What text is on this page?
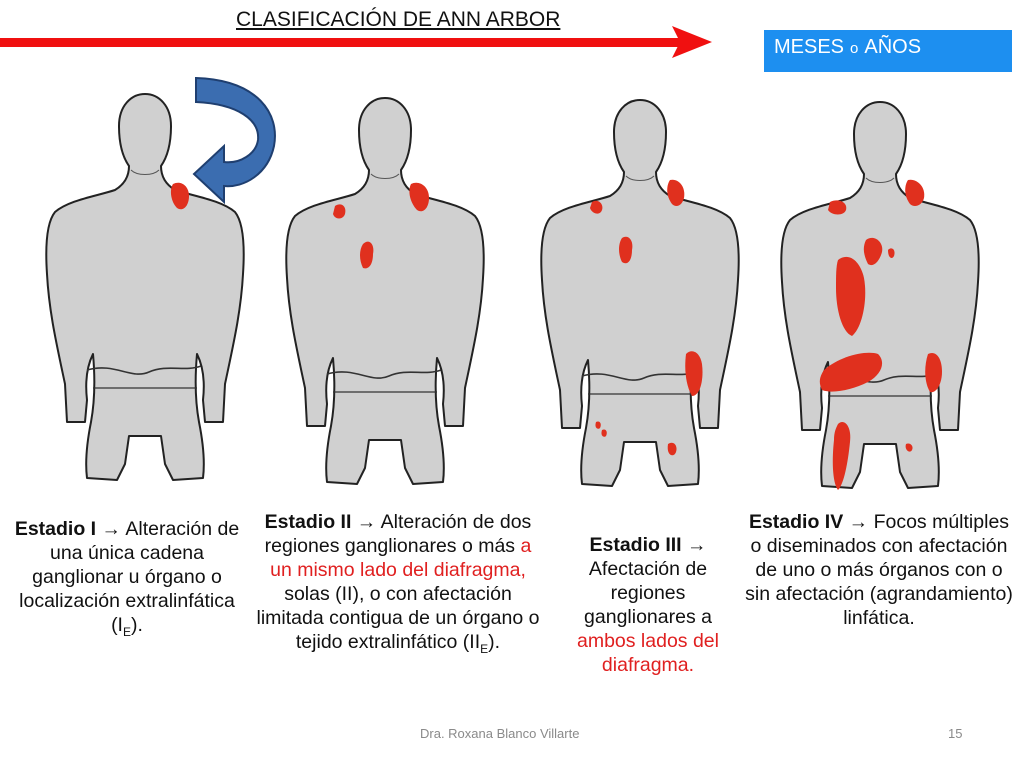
CLASIFICACIÓN DE ANN ARBOR
MESES o AÑOS
Estadio I → Alteración de una única cadena ganglionar u órgano o localización extralinfática $(I_E)$.
Estadio II → Alteración de dos regiones ganglionares o más a un mismo lado del diafragma, solas (II), o con afectación limitada contigua de un órgano o tejido extralinfático $(II_E)$.
Estadio III → Afectación de regiones ganglionares a ambos lados del diafragma.
Estadio IV → Focos múltiples o diseminados con afectación de uno o más órganos con o sin afectación (agrandamiento) linfática.
Dra. Roxana Blanco Villarte	15
